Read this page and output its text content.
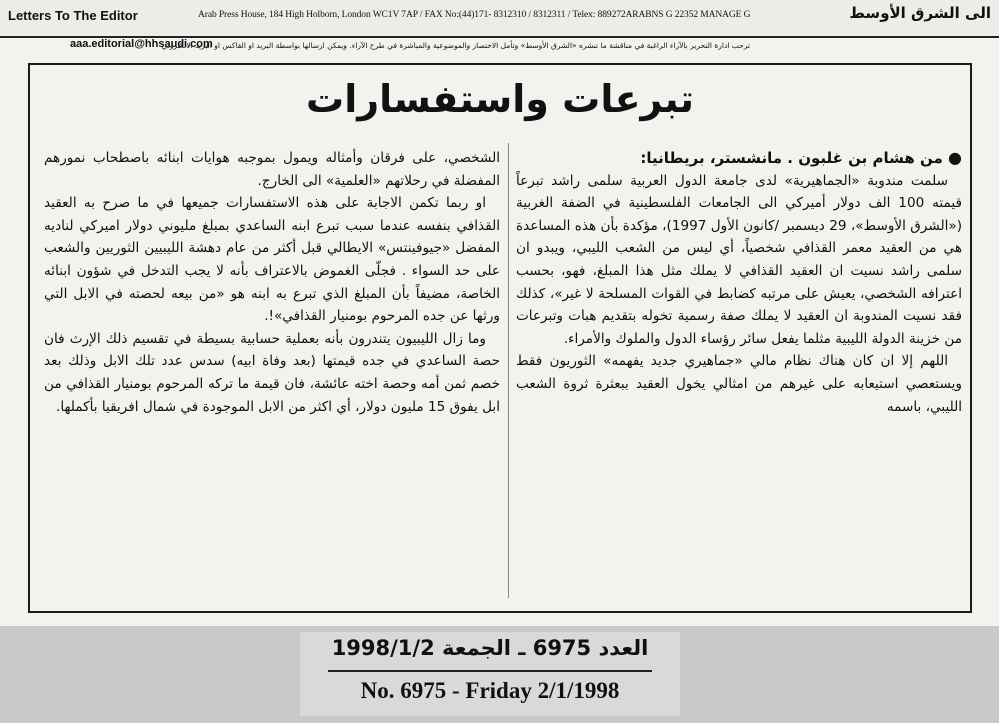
Letters To The Editor	Arab Press House, 184 High Holborn, London WC1V 7AP / FAX No:(44)171- 8312310 / 8312311 / Telex: 889272ARABNS G 22352 MANAGE G	الى الشرق الأوسط
aaa.editorial@hhsaudi.com
ترحب ادارة التحرير بالآراء الراغبة في مناقشة ما تنشره «الشرق الأوسط» وتأمل الاختصار والموضوعية والمباشرة في طرح الآراء. ويمكن ارسالها بواسطة البريد او الفاكس او البريد الالكتروني
تبرعات واستفسارات

● من هشام بن غلبون . مانشستر، بريطانيا:

سلمت مندوبة «الجماهيرية» لدى جامعة الدول العربية سلمى راشد تبرعاً قيمته 100 الف دولار أميركي الى الجامعات الفلسطينية في الضفة الغربية («الشرق الأوسط»، 29 ديسمبر /كانون الأول 1997)، مؤكدة بأن هذه المساعدة هي من العقيد معمر القذافي شخصياً، أي ليس من الشعب الليبي، ويبدو ان سلمى راشد نسيت ان العقيد القذافي لا يملك مثل هذا المبلغ، فهو، بحسب اعترافه الشخصي، يعيش على مرتبه كضابط في القوات المسلحة لا غير»، كذلك فقد نسيت المندوبة ان العقيد لا يملك صفة رسمية تخوله بتقديم هبات وتبرعات من خزينة الدولة الليبية مثلما يفعل سائر رؤساء الدول والملوك والأمراء.

اللهم إلا ان كان هناك نظام مالي «جماهيري جديد يفهمه» الثوريون فقط ويستعصي استيعابه على غيرهم من امثالي يخول العقيد ببعثرة ثروة الشعب الليبي، باسمه

الشخصي، على فرقان وأمثاله ويمول بموجبه هوايات ابنائه باصطحاب نمورهم المفضلة في رحلاتهم «العلمية» الى الخارج.

او ربما تكمن الاجابة على هذه الاستفسارات جميعها في ما صرح به العقيد القذافي بنفسه عندما سبب تبرع ابنه الساعدي بمبلغ مليوني دولار اميركي لناديه المفضل «جيوفينتس» الايطالي قبل أكثر من عام دهشة الليبيين الثوريين والشعب على حد السواء . فجلّى الغموض بالاعتراف بأنه لا يجب التدخل في شؤون ابنائه الخاصة، مضيفاً بأن المبلغ الذي تبرع به ابنه هو «من بيعه لحصته في الابل التي ورثها عن جده المرحوم بومنيار القذافي»!.

وما زال الليبيون يتندرون بأنه بعملية حسابية بسيطة في تقسيم ذلك الإرث فان حصة الساعدي في جده قيمتها (بعد وفاة ابيه) سدس عدد تلك الابل وذلك بعد خصم ثمن أمه وحصة اخته عائشة، فان قيمة ما تركه المرحوم بومنيار القذافي من ابل يفوق 15 مليون دولار، أي اكثر من الابل الموجودة في شمال افريقيا بأكملها.

العدد 6975 ـ الجمعة 1998/1/2
No. 6975 - Friday 2/1/1998
